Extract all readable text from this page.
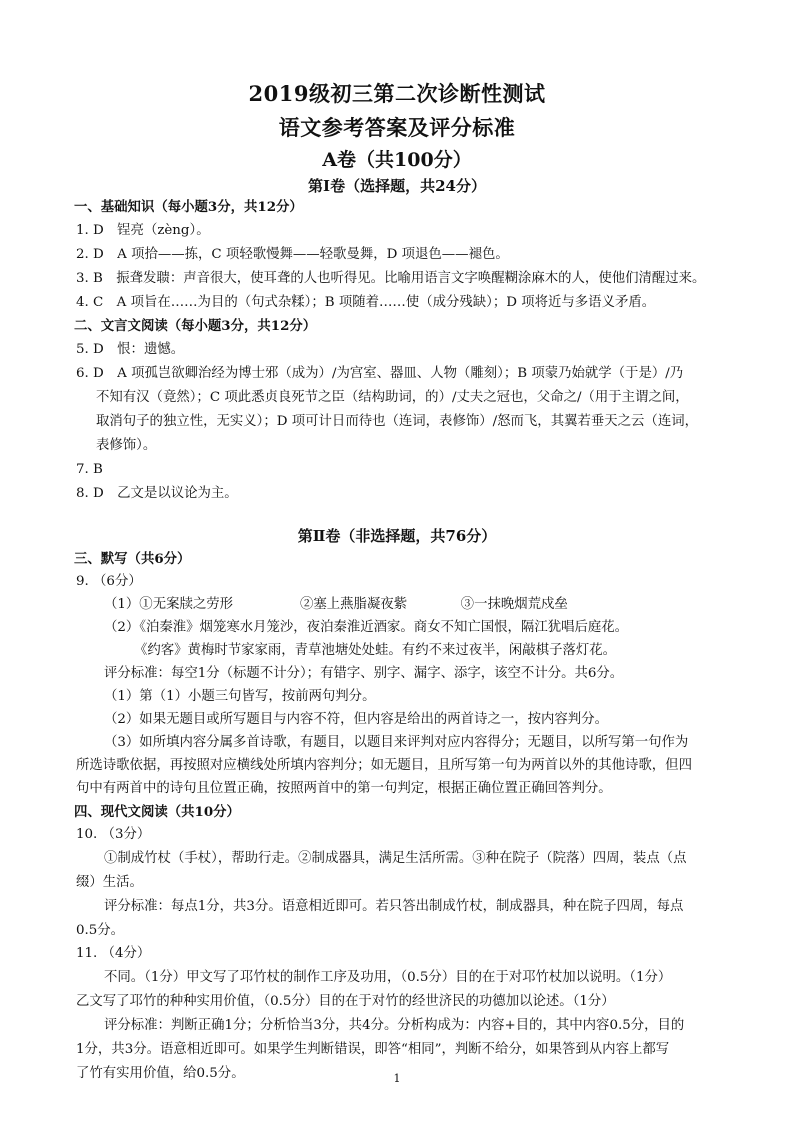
2019级初三第二次诊断性测试
语文参考答案及评分标准
A卷（共100分）
第Ⅰ卷（选择题，共24分）
一、基础知识（每小题3分，共12分）
1. D　锃亮（zèng）。
2. D　A 项拾——拣，C 项轻歌慢舞——轻歌曼舞，D 项退色——褪色。
3. B　振聋发聩：声音很大，使耳聋的人也听得见。比喻用语言文字唤醒糊涂麻木的人，使他们清醒过来。
4. C　A 项旨在……为目的（句式杂糅）；B 项随着……使（成分残缺）；D 项将近与多语义矛盾。
二、文言文阅读（每小题3分，共12分）
5. D　恨：遗憾。
6. D　A 项孤岂欲卿治经为博士邪（成为）/为宫室、器皿、人物（雕刻）；B 项蒙乃始就学（于是）/乃
不知有汉（竟然）；C 项此悉贞良死节之臣（结构助词，的）/丈夫之冠也，父命之/（用于主谓之间，
取消句子的独立性，无实义）；D 项可计日而待也（连词，表修饰）/怒而飞，其翼若垂天之云（连词，
表修饰）。
7. B
8. D　乙文是以议论为主。
第Ⅱ卷（非选择题，共76分）
三、默写（共6分）
9. （6分）
（1）①无案牍之劳形　　　　　②塞上燕脂凝夜紫　　　　③一抹晚烟荒戍垒
（2）《泊秦淮》烟笼寒水月笼沙，夜泊秦淮近酒家。商女不知亡国恨，隔江犹唱后庭花。
《约客》黄梅时节家家雨，青草池塘处处蛙。有约不来过夜半，闲敲棋子落灯花。
评分标准：每空1分（标题不计分）；有错字、别字、漏字、添字，该空不计分。共6分。
（1）第（1）小题三句皆写，按前两句判分。
（2）如果无题目或所写题目与内容不符，但内容是给出的两首诗之一，按内容判分。
（3）如所填内容分属多首诗歌，有题目，以题目来评判对应内容得分；无题目，以所写第一句作为
所选诗歌依据，再按照对应横线处所填内容判分；如无题目，且所写第一句为两首以外的其他诗歌，但四
句中有两首中的诗句且位置正确，按照两首中的第一句判定，根据正确位置正确回答判分。
四、现代文阅读（共10分）
10. （3分）
①制成竹杖（手杖），帮助行走。②制成器具，满足生活所需。③种在院子（院落）四周，装点（点
缀）生活。
评分标准：每点1分，共3分。语意相近即可。若只答出制成竹杖，制成器具，种在院子四周，每点
0.5分。
11. （4分）
不同。（1分）甲文写了邛竹杖的制作工序及功用，（0.5分）目的在于对邛竹杖加以说明。（1分）
乙文写了邛竹的种种实用价值，（0.5分）目的在于对竹的经世济民的功德加以论述。（1分）
评分标准：判断正确1分；分析恰当3分，共4分。分析构成为：内容+目的，其中内容0.5分，目的
1分，共3分。语意相近即可。如果学生判断错误，即答“相同”，判断不给分，如果答到从内容上都写
了竹有实用价值，给0.5分。	1
